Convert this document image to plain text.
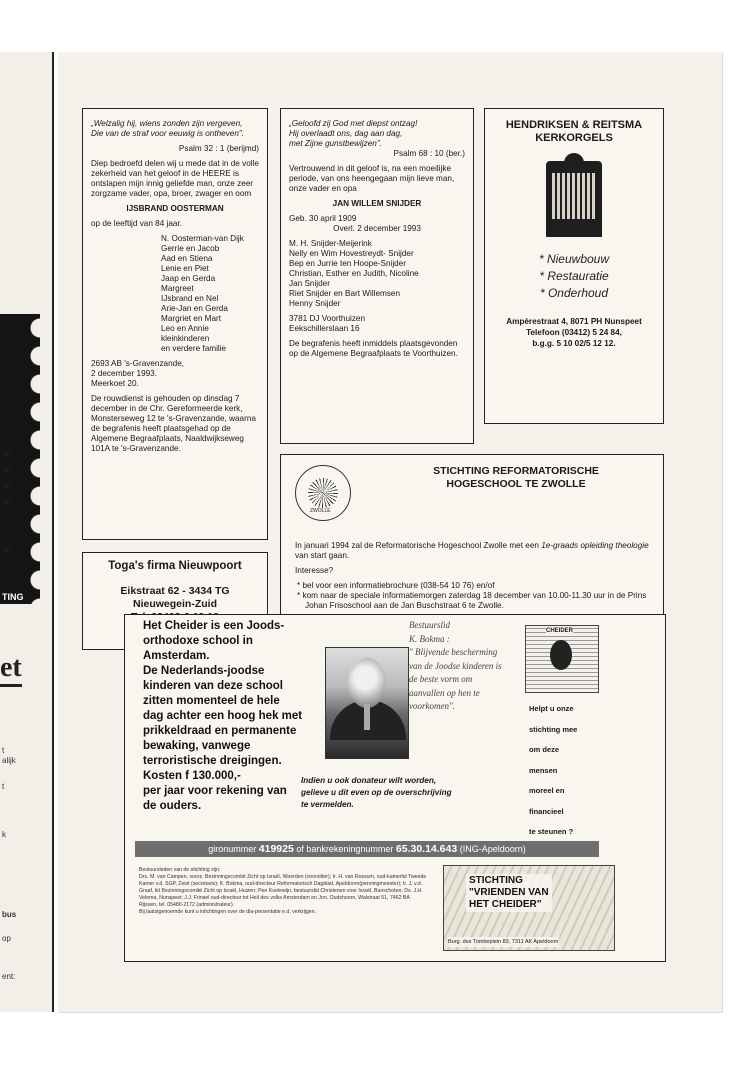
50
50
00
00
50
TING
et
t
alijk
t
k
bus
op
ent:

„Welzalig hij, wiens zonden zijn vergeven,
Die van de straf voor eeuwig is ontheven”.

Psalm 32 : 1 (berijmd)

Diep bedroefd delen wij u mede dat in de volle zekerheid van het geloof in de HEERE is ontslapen mijn innig geliefde man, onze zeer zorgzame vader, opa, broer, zwager en oom

IJSBRAND OOSTERMAN

op de leeftijd van 84 jaar.

N. Oosterman-van Dijk
Gerrie en Jacob
Aad en Stiena
Lenie en Piet
Jaap en Gerda
Margreet
IJsbrand en Nel
Arie-Jan en Gerda
Margriet en Mart
Leo en Annie
kleinkinderen
en verdere familie

2693 AB 's-Gravenzande,
2 december 1993.
Meerkoet 20.

De rouwdienst is gehouden op dinsdag 7 december in de Chr. Gereformeerde kerk, Monsterseweg 12 te 's-Gravenzande, waarna de begrafenis heeft plaatsgehad op de Algemene Begraafplaats, Naaldwijkseweg 101A te 's-Gravenzande.

Toga's firma Nieuwpoort
Eikstraat 62 - 3434 TG
Nieuwegein-Zuid

„Geloofd zij God met diepst ontzag!
Hij overlaadt ons, dag aan dag,
met Zijne gunstbewijzen”.

Psalm 68 : 10 (ber.)

Vertrouwend in dit geloof is, na een moeilijke periode, van ons heengegaan mijn lieve man, onze vader en opa

JAN WILLEM SNIJDER

Geb. 30 april 1909

Overl. 2 december 1993

M. H. Snijder-Meijerink
Nelly en Wim Hovestreydt- Snijder
Bep en Jurrie ten Hoope-Snijder
Christian, Esther en Judith, Nicoline
Jan Snijder
Riet Snijder en Bart Willemsen
Henny Snijder

3781 DJ Voorthuizen
Eekschillerslaan 16

De begrafenis heeft inmiddels plaatsgevonden op de Algemene Begraafplaats te Voorthuizen.

HENDRIKSEN & REITSMA
KERKORGELS
* Nieuwbouw
* Restauratie
* Onderhoud
Ampèrestraat 4, 8071 PH Nunspeet
Telefoon (03412) 5 24 84,
b.g.g. 5 10 02/5 12 12.
ZWOLLE
STICHTING REFORMATORISCHE
HOGESCHOOL TE ZWOLLE

In januari 1994 zal de Reformatorische Hogeschool Zwolle met een 1e-graads opleiding theologie van start gaan.

Interesse?

* bel voor een informatiebrochure (038-54 10 76) en/of

* kom naar de speciale informatiemorgen zaterdag 18 december van 10.00-11.30 uur in de Prins Johan Frisoschool aan de Jan Buschstraat 6 te Zwolle.

Het Cheider is een Joods-orthodoxe school in Amsterdam.
De Nederlands-joodse kinderen van deze school zitten momenteel de hele dag achter een hoog hek met prikkeldraad en permanente bewaking, vanwege terroristische dreigingen.
Kosten f 130.000,-
per jaar voor rekening van de ouders.
Bestuurslid
K. Bokma :
" Blijvende bescherming van de Joodse kinderen is de beste vorm om aanvallen op hen te voorkomen".
CHEIDER
Helpt u onze
stichting mee
om deze
mensen
moreel en
financieel
te steunen ?
Indien u ook donateur wilt worden,
gelieve u dit even op de overschrijving
te vermelden.
gironummer 419925 of bankrekeningnummer 65.30.14.643 (ING-Apeldoorn)
Bestuursleden van de stichting zijn:
Drs. M. van Campen, voorz. Bezinningscomité Zicht op Israël, Woerden (voorzitter); Ir. H. van Rossum, oud-kamerlid Tweede Kamer v.d. SGP, Zeist (secretaris); K. Bokma, oud-directeur Reformatorisch Dagblad, Apeldoorn(penningmeester); Ir. J. v.d. Graaf, lid Bezinningscomité Zicht op Israël, Huizen; Pee Koelewijn, bestuurslid Christenen voor Israël, Bunschoten; Ds. J.H. Velema, Nunspeet; J.J. Frinsel oud-directeur tot Heil des volks Amsterdam en Jon. Oudshoorn, Walstraat 51, 7462 BA Rijssen, tel. 05480-2172 (administrateur).
Bij laatstgenoemde kunt u inlichtingen over de dia-presentatie e.d. verkrijgen.
STICHTING
"VRIENDEN VAN
HET CHEIDER"
Burg. des Tombeplein 83, 7311 AK Apeldoorn
